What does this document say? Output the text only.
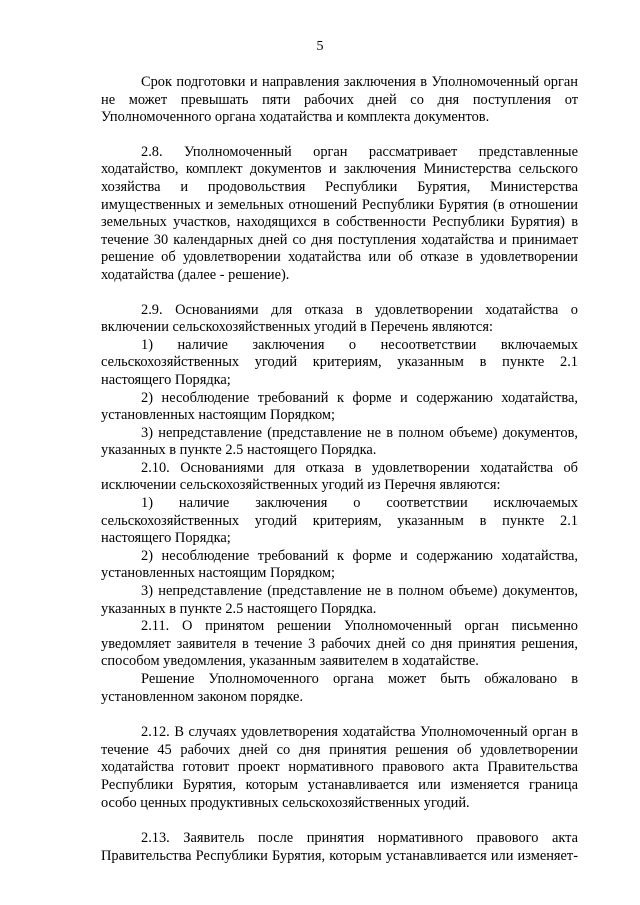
5

Срок подготовки и направления заключения в Уполномоченный орган не может превышать пяти рабочих дней со дня поступления от Уполномоченного органа ходатайства и комплекта документов.

2.8. Уполномоченный орган рассматривает представленные ходатайство, комплект документов и заключения Министерства сельского хозяйства и продовольствия Республики Бурятия, Министерства имущественных и земельных отношений Республики Бурятия (в отношении земельных участков, находящихся в собственности Республики Бурятия) в течение 30 календарных дней со дня поступления ходатайства и принимает решение об удовлетворении ходатайства или об отказе в удовлетворении ходатайства (далее - решение).

2.9. Основаниями для отказа в удовлетворении ходатайства о включении сельскохозяйственных угодий в Перечень являются:

1) наличие заключения о несоответствии включаемых сельскохозяйственных угодий критериям, указанным в пункте 2.1 настоящего Порядка;

2) несоблюдение требований к форме и содержанию ходатайства, установленных настоящим Порядком;

3) непредставление (представление не в полном объеме) документов, указанных в пункте 2.5 настоящего Порядка.

2.10. Основаниями для отказа в удовлетворении ходатайства об исключении сельскохозяйственных угодий из Перечня являются:

1) наличие заключения о соответствии исключаемых сельскохозяйственных угодий критериям, указанным в пункте 2.1 настоящего Порядка;

2) несоблюдение требований к форме и содержанию ходатайства, установленных настоящим Порядком;

3) непредставление (представление не в полном объеме) документов, указанных в пункте 2.5 настоящего Порядка.

2.11. О принятом решении Уполномоченный орган письменно уведомляет заявителя в течение 3 рабочих дней со дня принятия решения, способом уведомления, указанным заявителем в ходатайстве.

Решение Уполномоченного органа может быть обжаловано в установленном законом порядке.

2.12. В случаях удовлетворения ходатайства Уполномоченный орган в течение 45 рабочих дней со дня принятия решения об удовлетворении ходатайства готовит проект нормативного правового акта Правительства Республики Бурятия, которым устанавливается или изменяется граница особо ценных продуктивных сельскохозяйственных угодий.

2.13. Заявитель после принятия нормативного правового акта Правительства Республики Бурятия, которым устанавливается или изменяет-
